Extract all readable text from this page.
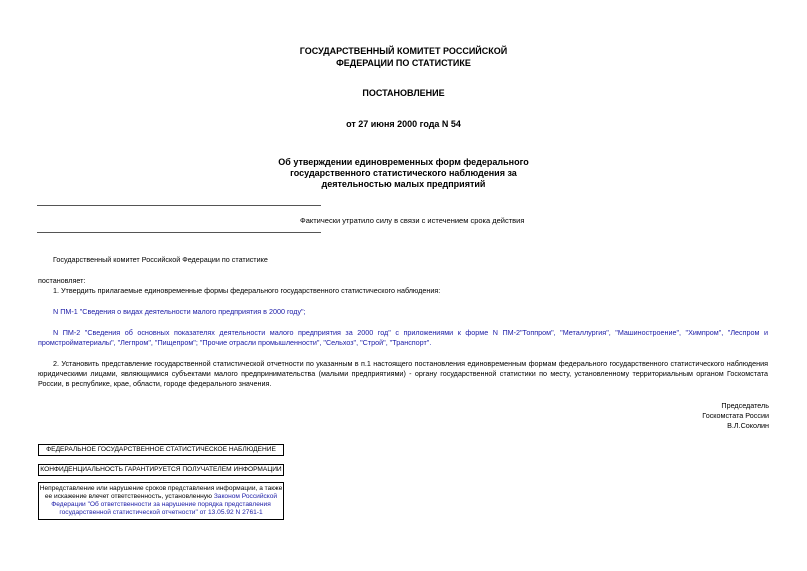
ГОСУДАРСТВЕННЫЙ КОМИТЕТ РОССИЙСКОЙ
ФЕДЕРАЦИИ ПО СТАТИСТИКЕ
ПОСТАНОВЛЕНИЕ
от 27 июня 2000 года N 54
Об утверждении единовременных форм федерального
государственного статистического наблюдения за
деятельностью малых предприятий
Фактически утратило силу в связи с истечением срока действия
Государственный комитет Российской Федерации по статистике
постановляет:
1. Утвердить прилагаемые единовременные формы федерального государственного статистического наблюдения:
N ПМ-1 "Сведения о видах деятельности малого предприятия в 2000 году";
N ПМ-2 "Сведения об основных показателях деятельности малого предприятия за 2000 год" с приложениями к форме N ПМ-2"Топпром", "Металлургия", "Машиностроение", "Химпром", "Леспром и промстройматериалы", "Легпром", "Пищепром"; "Прочие отрасли промышленности", "Сельхоз", "Строй", "Транспорт".
2. Установить представление государственной статистической отчетности по указанным в п.1 настоящего постановления единовременным формам федерального государственного статистического наблюдения юридическими лицами, являющимися субъектами малого предпринимательства (малыми предприятиями) - органу государственной статистики по месту, установленному территориальным органом Госкомстата России, в республике, крае, области, городе федерального значения.
Председатель
Госкомстата России
В.Л.Соколин
ФЕДЕРАЛЬНОЕ ГОСУДАРСТВЕННОЕ СТАТИСТИЧЕСКОЕ НАБЛЮДЕНИЕ
КОНФИДЕНЦИАЛЬНОСТЬ ГАРАНТИРУЕТСЯ ПОЛУЧАТЕЛЕМ ИНФОРМАЦИИ
Непредставление или нарушение сроков представления информации, а также
ее искажение влечет ответственность, установленную Законом Российской
Федерации "Об ответственности за нарушение порядка представления
государственной статистической отчетности" от 13.05.92 N 2761-1
